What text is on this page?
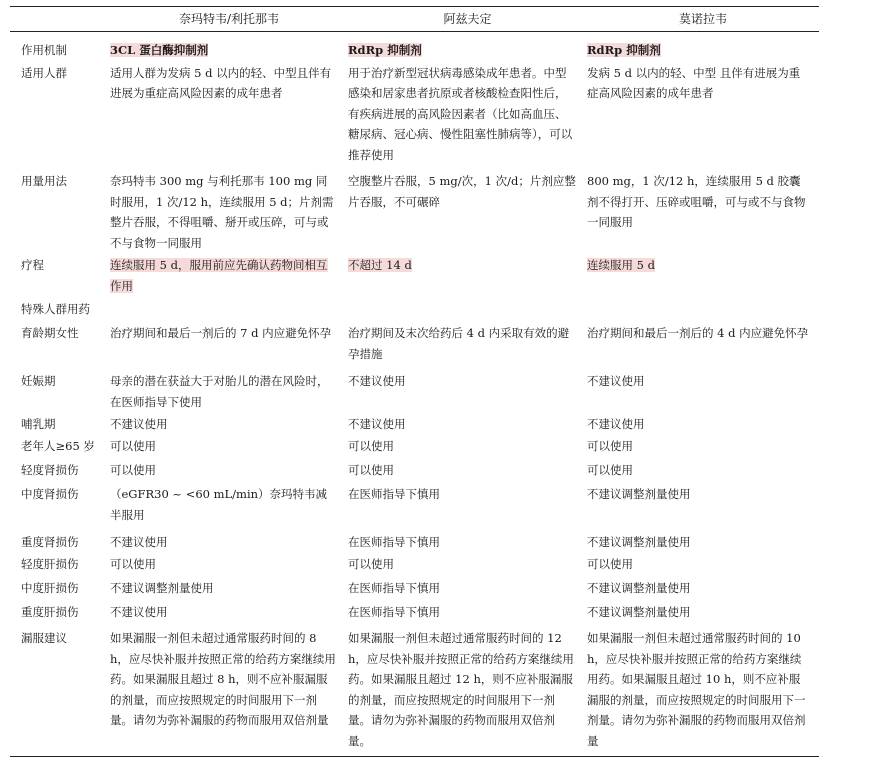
	奈玛特韦/利托那韦	阿兹夫定	莫诺拉韦
作用机制	3CL 蛋白酶抑制剂	RdRp 抑制剂	RdRp 抑制剂
适用人群	适用人群为发病 5 d 以内的轻、中型且伴有进展为重症高风险因素的成年患者	用于治疗新型冠状病毒感染成年患者。中型感染和居家患者抗原或者核酸检查阳性后，有疾病进展的高风险因素者（比如高血压、糖尿病、冠心病、慢性阻塞性肺病等），可以推荐使用	发病 5 d 以内的轻、中型 且伴有进展为重症高风险因素的成年患者
用量用法	奈玛特韦 300 mg 与利托那韦 100 mg 同时服用，1 次/12 h，连续服用 5 d；片剂需整片吞服，不得咀嚼、掰开或压碎，可与或不与食物一同服用	空腹整片吞服，5 mg/次，1 次/d；片剂应整片吞服，不可碾碎	800 mg，1 次/12 h，连续服用 5 d 胶囊剂不得打开、压碎或咀嚼，可与或不与食物一同服用
疗程	连续服用 5 d，服用前应先确认药物间相互作用	不超过 14 d	连续服用 5 d
特殊人群用药			
育龄期女性	治疗期间和最后一剂后的 7 d 内应避免怀孕	治疗期间及末次给药后 4 d 内采取有效的避孕措施	治疗期间和最后一剂后的 4 d 内应避免怀孕
妊娠期	母亲的潜在获益大于对胎儿的潜在风险时，在医师指导下使用	不建议使用	不建议使用
哺乳期	不建议使用	不建议使用	不建议使用
老年人≥65 岁	可以使用	可以使用	可以使用
轻度肾损伤	可以使用	可以使用	可以使用
中度肾损伤	（eGFR30 ~ <60 mL/min）奈玛特韦减半服用	在医师指导下慎用	不建议调整剂量使用
重度肾损伤	不建议使用	在医师指导下慎用	不建议调整剂量使用
轻度肝损伤	可以使用	可以使用	可以使用
中度肝损伤	不建议调整剂量使用	在医师指导下慎用	不建议调整剂量使用
重度肝损伤	不建议使用	在医师指导下慎用	不建议调整剂量使用
漏服建议	如果漏服一剂但未超过通常服药时间的 8 h，应尽快补服并按照正常的给药方案继续用药。如果漏服且超过 8 h，则不应补服漏服的剂量，而应按照规定的时间服用下一剂量。请勿为弥补漏服的药物而服用双倍剂量	如果漏服一剂但未超过通常服药时间的 12 h，应尽快补服并按照正常的给药方案继续用药。如果漏服且超过 12 h，则不应补服漏服的剂量，而应按照规定的时间服用下一剂量。请勿为弥补漏服的药物而服用双倍剂量。	如果漏服一剂但未超过通常服药时间的 10 h，应尽快补服并按照正常的给药方案继续用药。如果漏服且超过 10 h，则不应补服漏服的剂量，而应按照规定的时间服用下一剂量。请勿为弥补漏服的药物而服用双倍剂量
